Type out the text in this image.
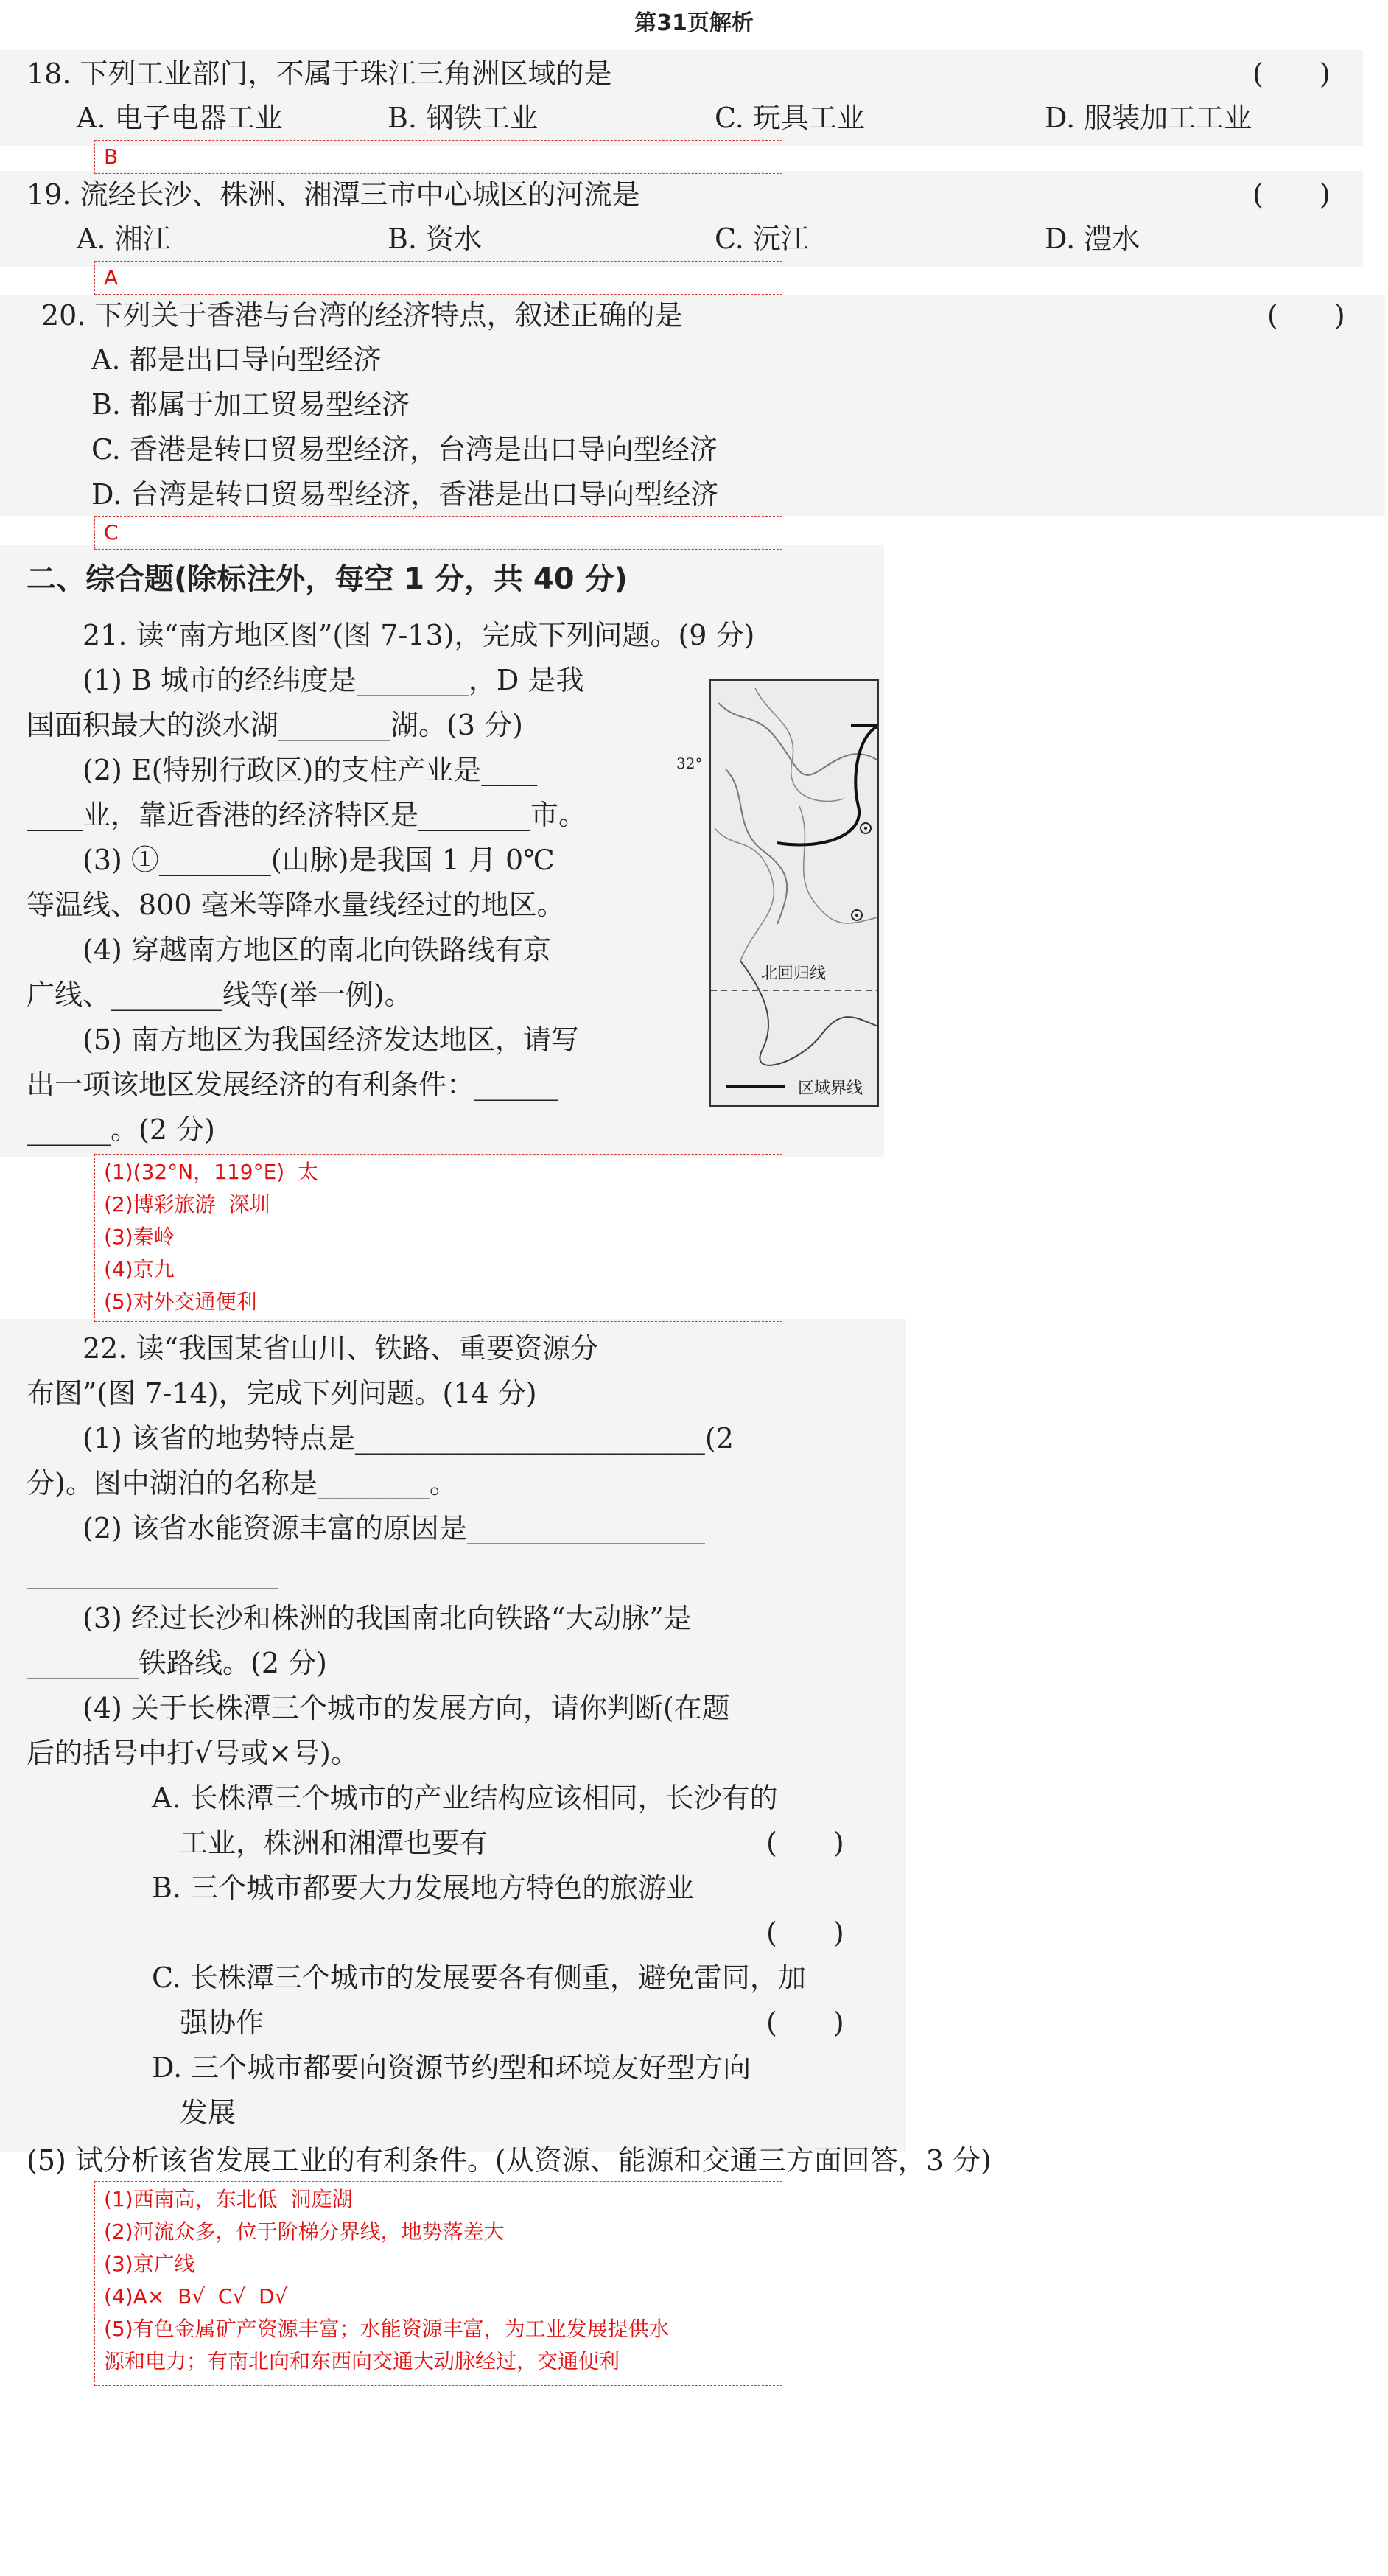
第31页解析
18. 下列工业部门，不属于珠江三角洲区域的是	(　　)
A. 电子电器工业	B. 钢铁工业	C. 玩具工业	D. 服装加工工业
B
19. 流经长沙、株洲、湘潭三市中心城区的河流是	(　　)
A. 湘江	B. 资水	C. 沅江	D. 澧水
A
20. 下列关于香港与台湾的经济特点，叙述正确的是	(　　)
A. 都是出口导向型经济
B. 都属于加工贸易型经济
C. 香港是转口贸易型经济，台湾是出口导向型经济
D. 台湾是转口贸易型经济，香港是出口导向型经济
C
二、综合题(除标注外，每空 1 分，共 40 分)
　　21. 读“南方地区图”(图 7-13)，完成下列问题。(9 分)
　　(1) B 城市的经纬度是________，D 是我
国面积最大的淡水湖________湖。(3 分)
　　(2) E(特别行政区)的支柱产业是____
____业，靠近香港的经济特区是________市。
　　(3) ①________(山脉)是我国 1 月 0℃
等温线、800 毫米等降水量线经过的地区。
　　(4) 穿越南方地区的南北向铁路线有京
广线、________线等(举一例)。
　　(5) 南方地区为我国经济发达地区，请写
出一项该地区发展经济的有利条件：______
______。(2 分)
32°
北回归线
区域界线
(1)(32°N，119°E)  太
(2)博彩旅游  深圳
(3)秦岭
(4)京九
(5)对外交通便利
　　22. 读“我国某省山川、铁路、重要资源分
布图”(图 7-14)，完成下列问题。(14 分)
　　(1) 该省的地势特点是_________________________(2
分)。图中湖泊的名称是________。
　　(2) 该省水能资源丰富的原因是_________________
__________________
　　(3) 经过长沙和株洲的我国南北向铁路“大动脉”是
________铁路线。(2 分)
　　(4) 关于长株潭三个城市的发展方向，请你判断(在题
后的括号中打√号或×号)。
A. 长株潭三个城市的产业结构应该相同，长沙有的
　工业，株洲和湘潭也要有	(　　)
B. 三个城市都要大力发展地方特色的旅游业
(　　)
C. 长株潭三个城市的发展要各有侧重，避免雷同，加
　强协作	(　　)
D. 三个城市都要向资源节约型和环境友好型方向
　发展
(5) 试分析该省发展工业的有利条件。(从资源、能源和交通三方面回答，3 分)
(1)西南高，东北低  洞庭湖
(2)河流众多，位于阶梯分界线，地势落差大
(3)京广线
(4)A×  B√  C√  D√
(5)有色金属矿产资源丰富；水能资源丰富，为工业发展提供水
源和电力；有南北向和东西向交通大动脉经过，交通便利
